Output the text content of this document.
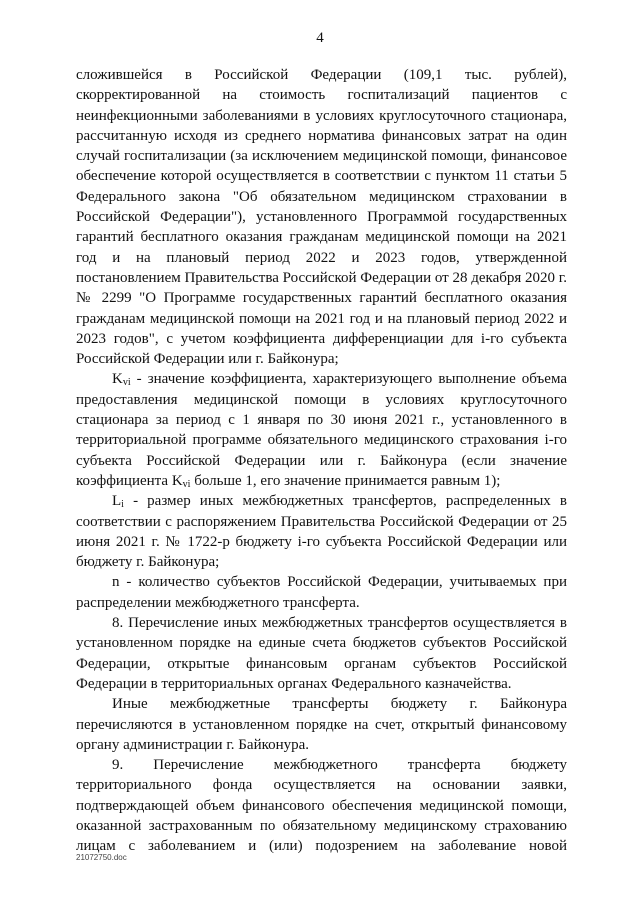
4

сложившейся в Российской Федерации (109,1 тыс. рублей), скорректированной на стоимость госпитализаций пациентов с неинфекционными заболеваниями в условиях круглосуточного стационара, рассчитанную исходя из среднего норматива финансовых затрат на один случай госпитализации (за исключением медицинской помощи, финансовое обеспечение которой осуществляется в соответствии с пунктом 11 статьи 5 Федерального закона "Об обязательном медицинском страховании в Российской Федерации"), установленного Программой государственных гарантий бесплатного оказания гражданам медицинской помощи на 2021 год и на плановый период 2022 и 2023 годов, утвержденной постановлением Правительства Российской Федерации от 28 декабря 2020 г. № 2299 "О Программе государственных гарантий бесплатного оказания гражданам медицинской помощи на 2021 год и на плановый период 2022 и 2023 годов", с учетом коэффициента дифференциации для i-го субъекта Российской Федерации или г. Байконура;

$K_{vi}$ - значение коэффициента, характеризующего выполнение объема предоставления медицинской помощи в условиях круглосуточного стационара за период с 1 января по 30 июня 2021 г., установленного в территориальной программе обязательного медицинского страхования i-го субъекта Российской Федерации или г. Байконура (если значение коэффициента $K_{vi}$ больше 1, его значение принимается равным 1);

$L_i$ - размер иных межбюджетных трансфертов, распределенных в соответствии с распоряжением Правительства Российской Федерации от 25 июня 2021 г. № 1722-р бюджету i-го субъекта Российской Федерации или бюджету г. Байконура;

n - количество субъектов Российской Федерации, учитываемых при распределении межбюджетного трансферта.

8. Перечисление иных межбюджетных трансфертов осуществляется в установленном порядке на единые счета бюджетов субъектов Российской Федерации, открытые финансовым органам субъектов Российской Федерации в территориальных органах Федерального казначейства.

Иные межбюджетные трансферты бюджету г. Байконура перечисляются в установленном порядке на счет, открытый финансовому органу администрации г. Байконура.

9. Перечисление межбюджетного трансферта бюджету территориального фонда осуществляется на основании заявки, подтверждающей объем финансового обеспечения медицинской помощи, оказанной застрахованным по обязательному медицинскому страхованию лицам с заболеванием и (или) подозрением на заболевание новой

21072750.doc
